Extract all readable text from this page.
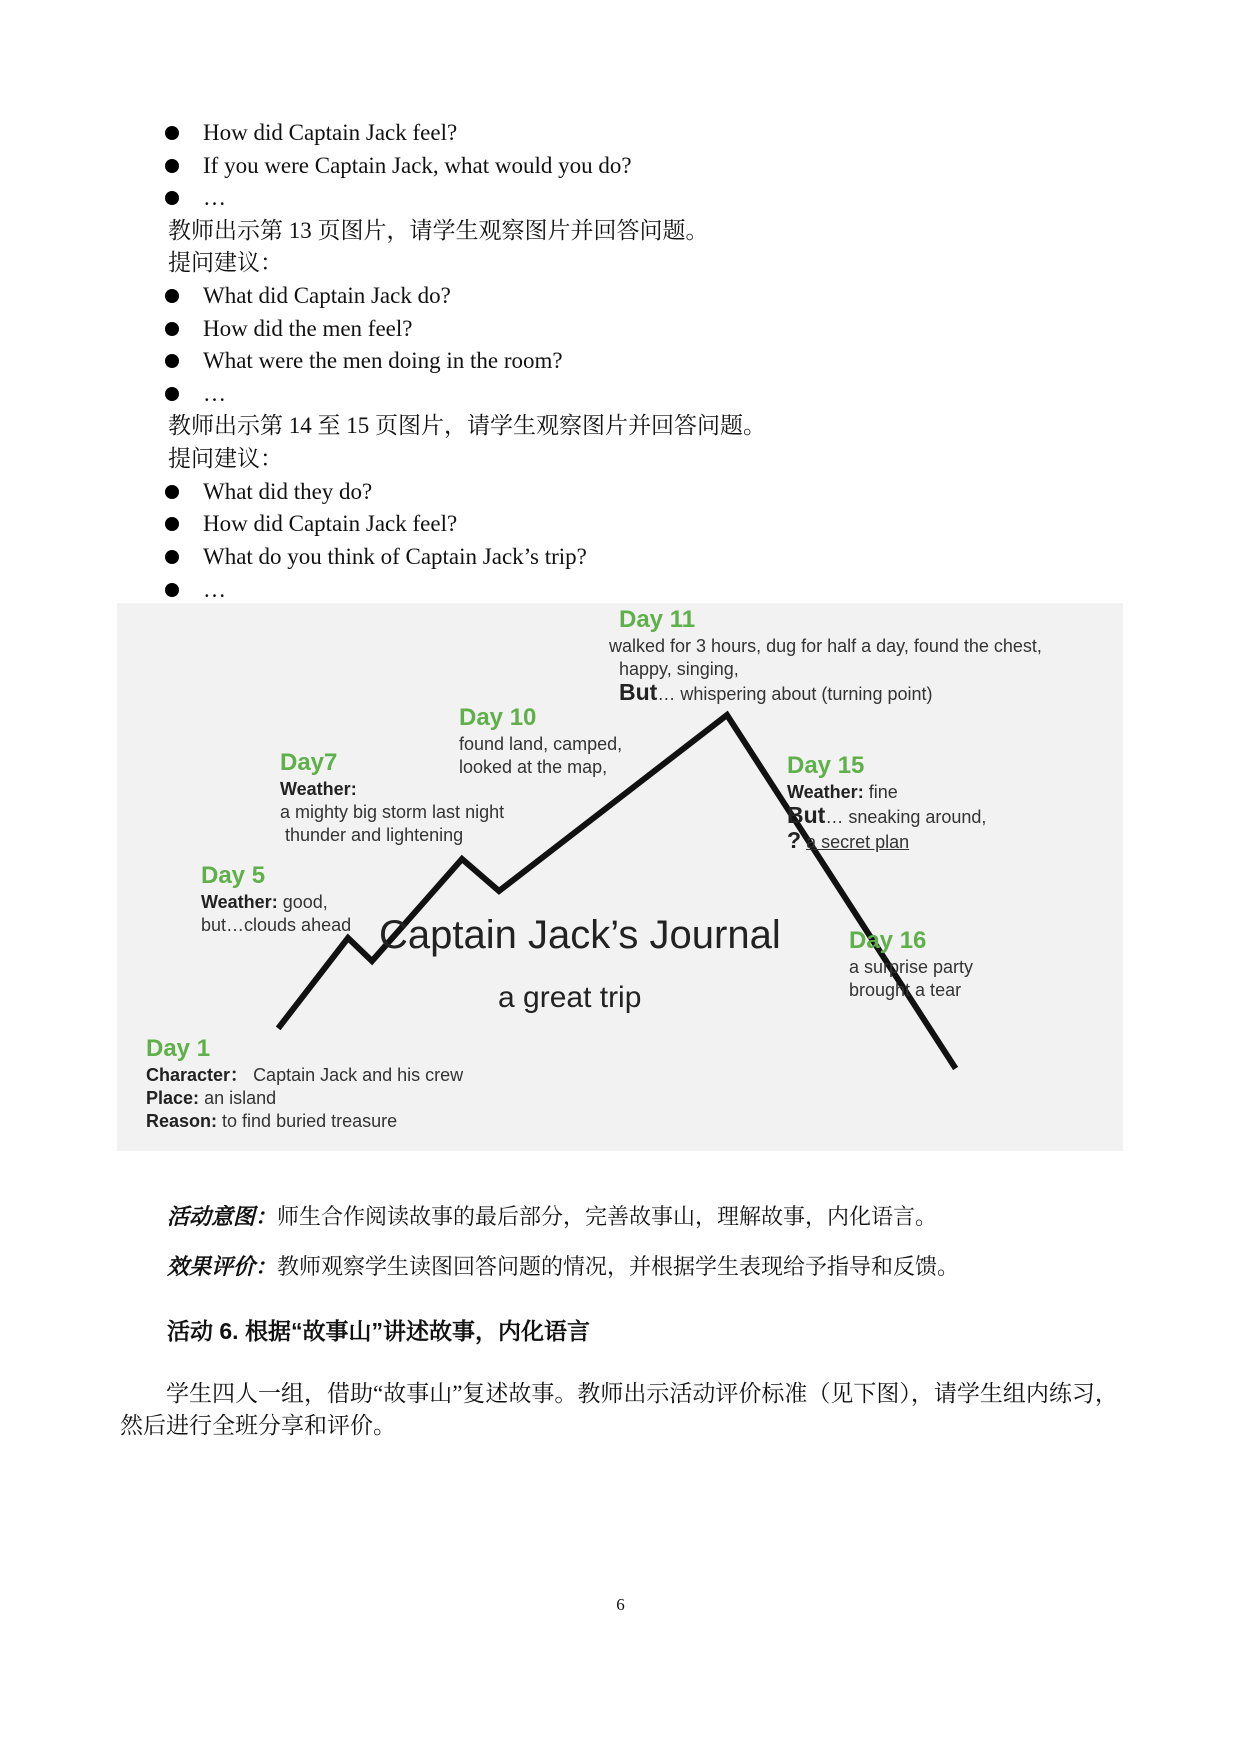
How did Captain Jack feel?
If you were Captain Jack, what would you do?
…
教师出示第 13 页图片，请学生观察图片并回答问题。
提问建议：
What did Captain Jack do?
How did the men feel?
What were the men doing in the room?
…
教师出示第 14 至 15 页图片，请学生观察图片并回答问题。
提问建议：
What did they do?
How did Captain Jack feel?
What do you think of Captain Jack’s trip?
…
Day 1
Character： Captain Jack and his crew
Place: an island
Reason: to find buried treasure
Day 5
Weather: good,
but…clouds ahead
Day7
Weather:
a mighty big storm last night
thunder and lightening
Day 10
found land, camped,
looked at the map,
Day 11
walked for 3 hours, dug for half a day, found the chest,
happy, singing,
But… whispering about (turning point)
Day 15
Weather: fine
But… sneaking around,
? a secret plan
Day 16
a surprise party
brought a tear
Captain Jack’s Journal
a great trip
活动意图：师生合作阅读故事的最后部分，完善故事山，理解故事，内化语言。
效果评价：教师观察学生读图回答问题的情况，并根据学生表现给予指导和反馈。
活动 6. 根据“故事山”讲述故事，内化语言
学生四人一组，借助“故事山”复述故事。教师出示活动评价标准（见下图），请学生组内练习，然后进行全班分享和评价。
6
